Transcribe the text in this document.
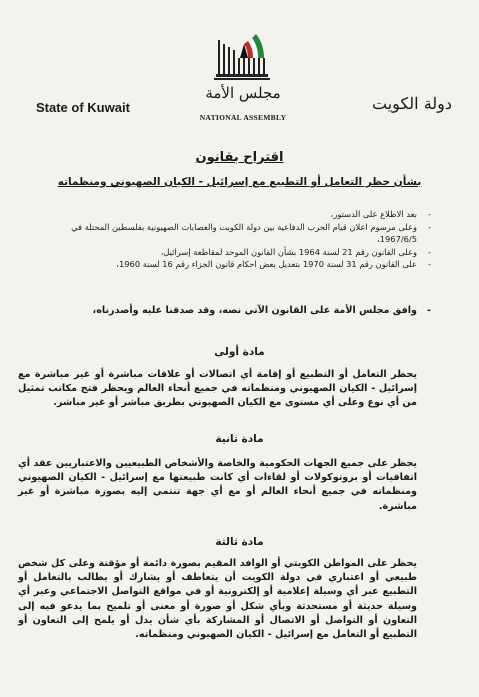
مجلس الأمة
NATIONAL ASSEMBLY
State of Kuwait	دولة الكويت
اقتراح بقانون
بشأن حظر التعامل أو التطبيع مع إسرائيل - الكيان الصهيوني ومنظماته
- بعد الاطلاع على الدستور،
- وعلى مرسوم اعلان قيام الحرب الدفاعية بين دولة الكويت والعصابات الصهيونية بفلسطين المحتلة في 1967/6/5،
- وعلى القانون رقم 21 لسنة 1964 بشأن القانون الموحد لمقاطعة إسرائيل،
- على القانون رقم 31 لسنة 1970 بتعديل بعض احكام قانون الجزاء رقم 16 لسنة 1960،
- وافق مجلس الأمة على القانون الآتي نصه، وقد صدقنا عليه وأصدرناه،
مادة أولى
يحظر التعامل أو التطبيع أو إقامة أي اتصالات أو علاقات مباشرة أو غير مباشرة مع إسرائيل - الكيان الصهيوني ومنظماته في جميع أنحاء العالم ويحظر فتح مكاتب تمثيل من أي نوع وعلى أي مستوى مع الكيان الصهيوني بطريق مباشر أو غير مباشر.
مادة ثانية
يحظر على جميع الجهات الحكومية والخاصة والأشخاص الطبيعيين والاعتباريين عقد أي اتفاقيات أو بروتوكولات أو لقاءات أي كانت طبيعتها مع إسرائيل - الكيان الصهيوني ومنظماته في جميع أنحاء العالم أو مع أي جهة تنتمي إليه بصورة مباشرة أو غير مباشرة.
مادة ثالثة
يحظر على المواطن الكويتي أو الوافد المقيم بصورة دائمة أو مؤقتة وعلى كل شخص طبيعي أو اعتباري في دولة الكويت أن يتعاطف أو يشارك أو يطالب بالتعامل أو التطبيع عبر أي وسيلة إعلامية أو إلكترونية أو في مواقع التواصل الاجتماعي وعبر أي وسيلة حديثة أو مستحدثة وبأي شكل أو صورة أو معنى أو تلميح بما يدعو فيه إلى التعاون أو التواصل أو الاتصال أو المشاركة بأي شأن يدل أو يلمح إلى التعاون أو التطبيع أو التعامل مع إسرائيل - الكيان الصهيوني ومنظماته.
